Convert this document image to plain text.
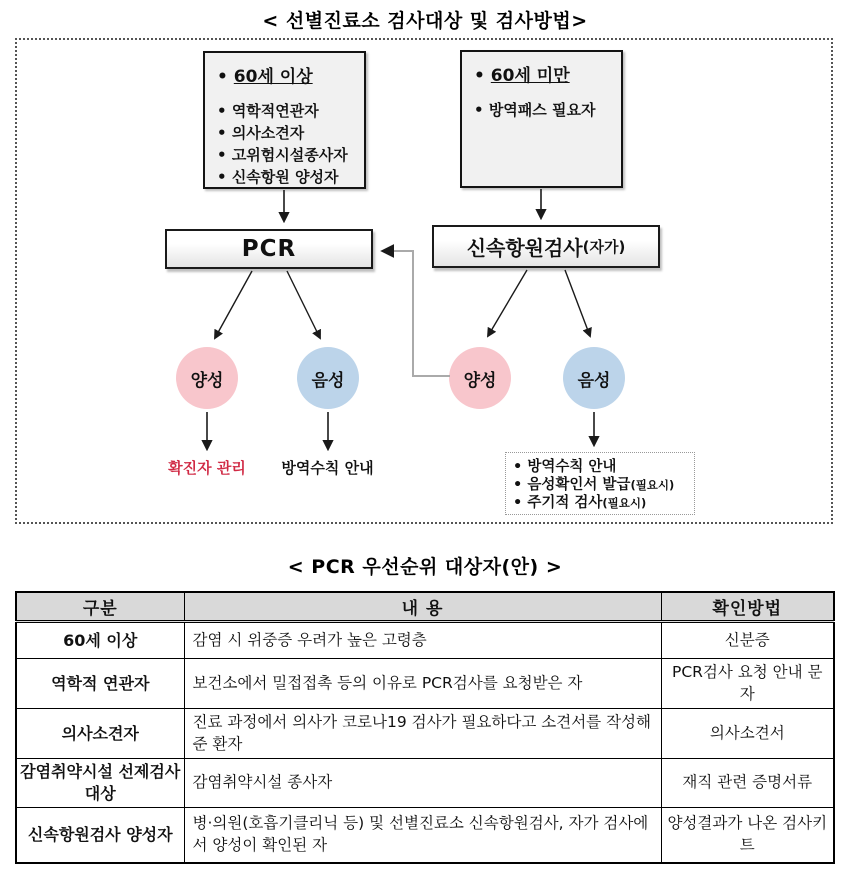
< 선별진료소 검사대상 및 검사방법>
• 60세 이상
• 역학적연관자
• 의사소견자
• 고위험시설종사자
• 신속항원 양성자
• 60세 미만
• 방역패스 필요자
PCR	신속항원검사 (자가)
양성	음성	양성	음성
확진자 관리	방역수칙 안내	• 방역수칙 안내
• 음성확인서 발급(필요시)
• 주기적 검사(필요시)
< PCR 우선순위 대상자(안) >
구분	내 용	확인방법
60세 이상	감염 시 위중증 우려가 높은 고령층	신분증
역학적 연관자	보건소에서 밀접접촉 등의 이유로 PCR검사를 요청받은 자	PCR검사 요청 안내 문자
의사소견자	진료 과정에서 의사가 코로나19 검사가 필요하다고 소견서를 작성해 준 환자	의사소견서
감염취약시설 선제검사대상	감염취약시설 종사자	재직 관련 증명서류
신속항원검사 양성자	병·의원(호흡기클리닉 등) 및 선별진료소 신속항원검사, 자가 검사에서 양성이 확인된 자	양성결과가 나온 검사키트
